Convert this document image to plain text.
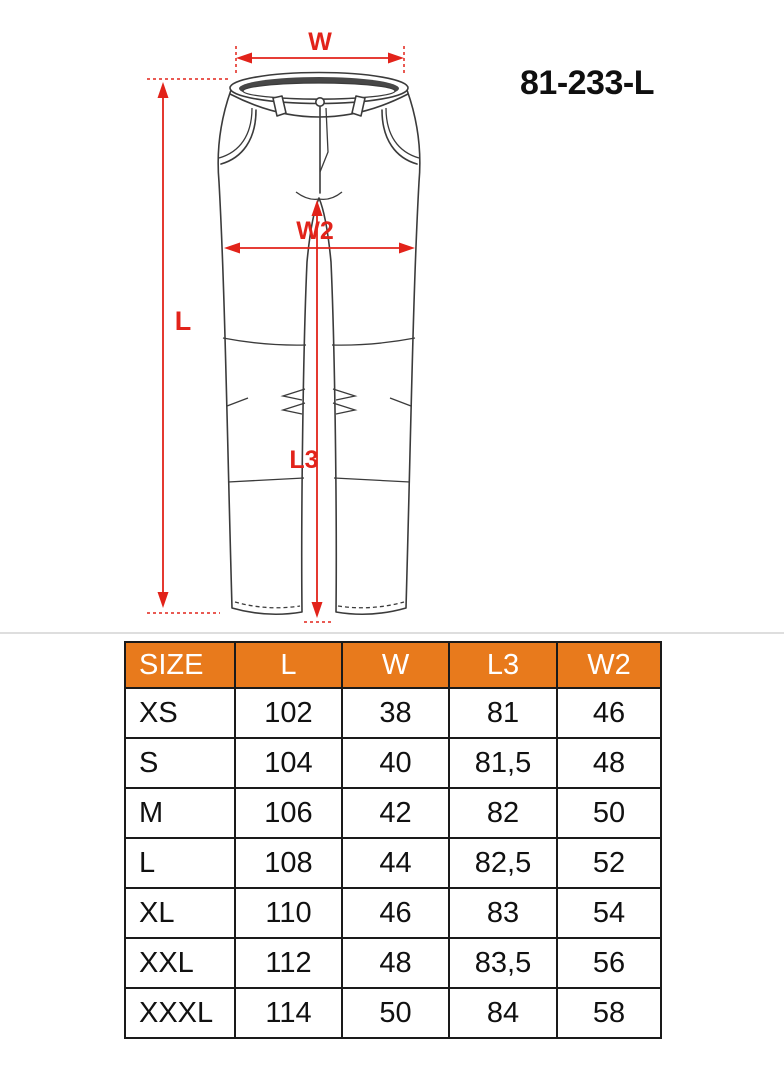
81-233-L
W
W2
L
L3
SIZE	L	W	L3	W2
XS	102	38	81	46
S	104	40	81,5	48
M	106	42	82	50
L	108	44	82,5	52
XL	110	46	83	54
XXL	112	48	83,5	56
XXXL	114	50	84	58
